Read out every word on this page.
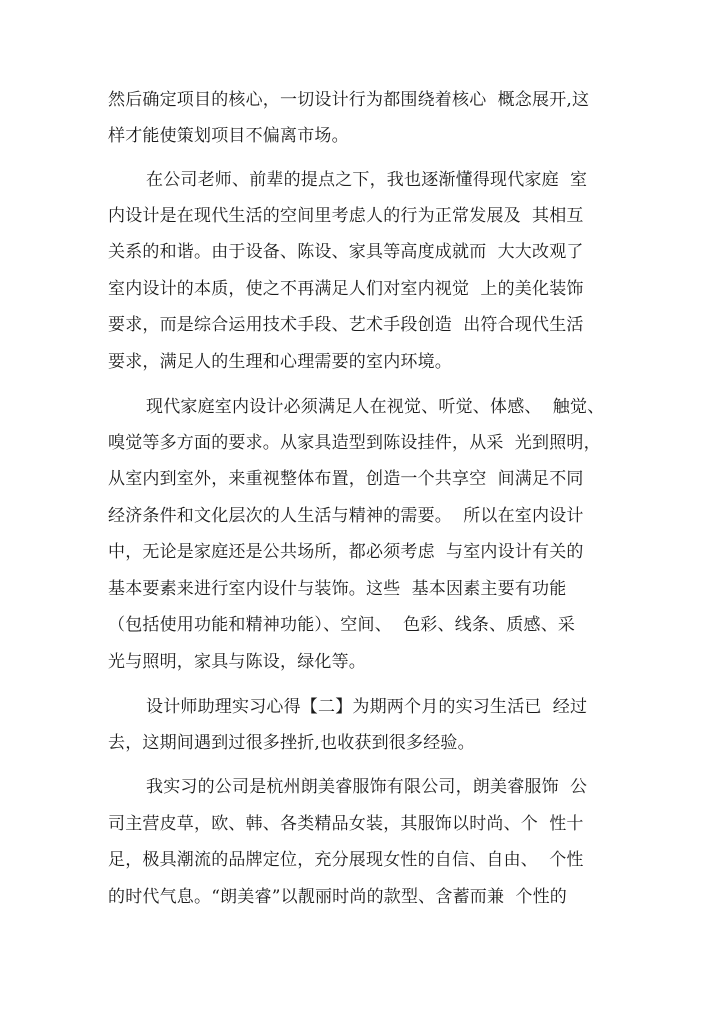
然后确定项目的核心，一切设计行为都围绕着核心  概念展开,这
样才能使策划项目不偏离市场。
在公司老师、前辈的提点之下，我也逐渐懂得现代家庭  室
内设计是在现代生活的空间里考虑人的行为正常发展及  其相互
关系的和谐。由于设备、陈设、家具等高度成就而  大大改观了
室内设计的本质，使之不再满足人们对室内视觉  上的美化装饰
要求，而是综合运用技术手段、艺术手段创造  出符合现代生活
要求，满足人的生理和心理需要的室内环境。
现代家庭室内设计必须满足人在视觉、听觉、体感、  触觉、
嗅觉等多方面的要求。从家具造型到陈设挂件，从采  光到照明，
从室内到室外，来重视整体布置，创造一个共享空  间满足不同
经济条件和文化层次的人生活与精神的需要。  所以在室内设计
中，无论是家庭还是公共场所，都必须考虑  与室内设计有关的
基本要素来进行室内设什与装饰。这些  基本因素主要有功能
（包括使用功能和精神功能）、空间、  色彩、线条、质感、采
光与照明，家具与陈设，绿化等。
设计师助理实习心得【二】为期两个月的实习生活已  经过
去，这期间遇到过很多挫折,也收获到很多经验。
我实习的公司是杭州朗美睿服饰有限公司，朗美睿服饰  公
司主营皮草，欧、韩、各类精品女装，其服饰以时尚、个  性十
足，极具潮流的品牌定位，充分展现女性的自信、自由、  个性
的时代气息。“朗美睿”以靓丽时尚的款型、含蓄而兼  个性的
